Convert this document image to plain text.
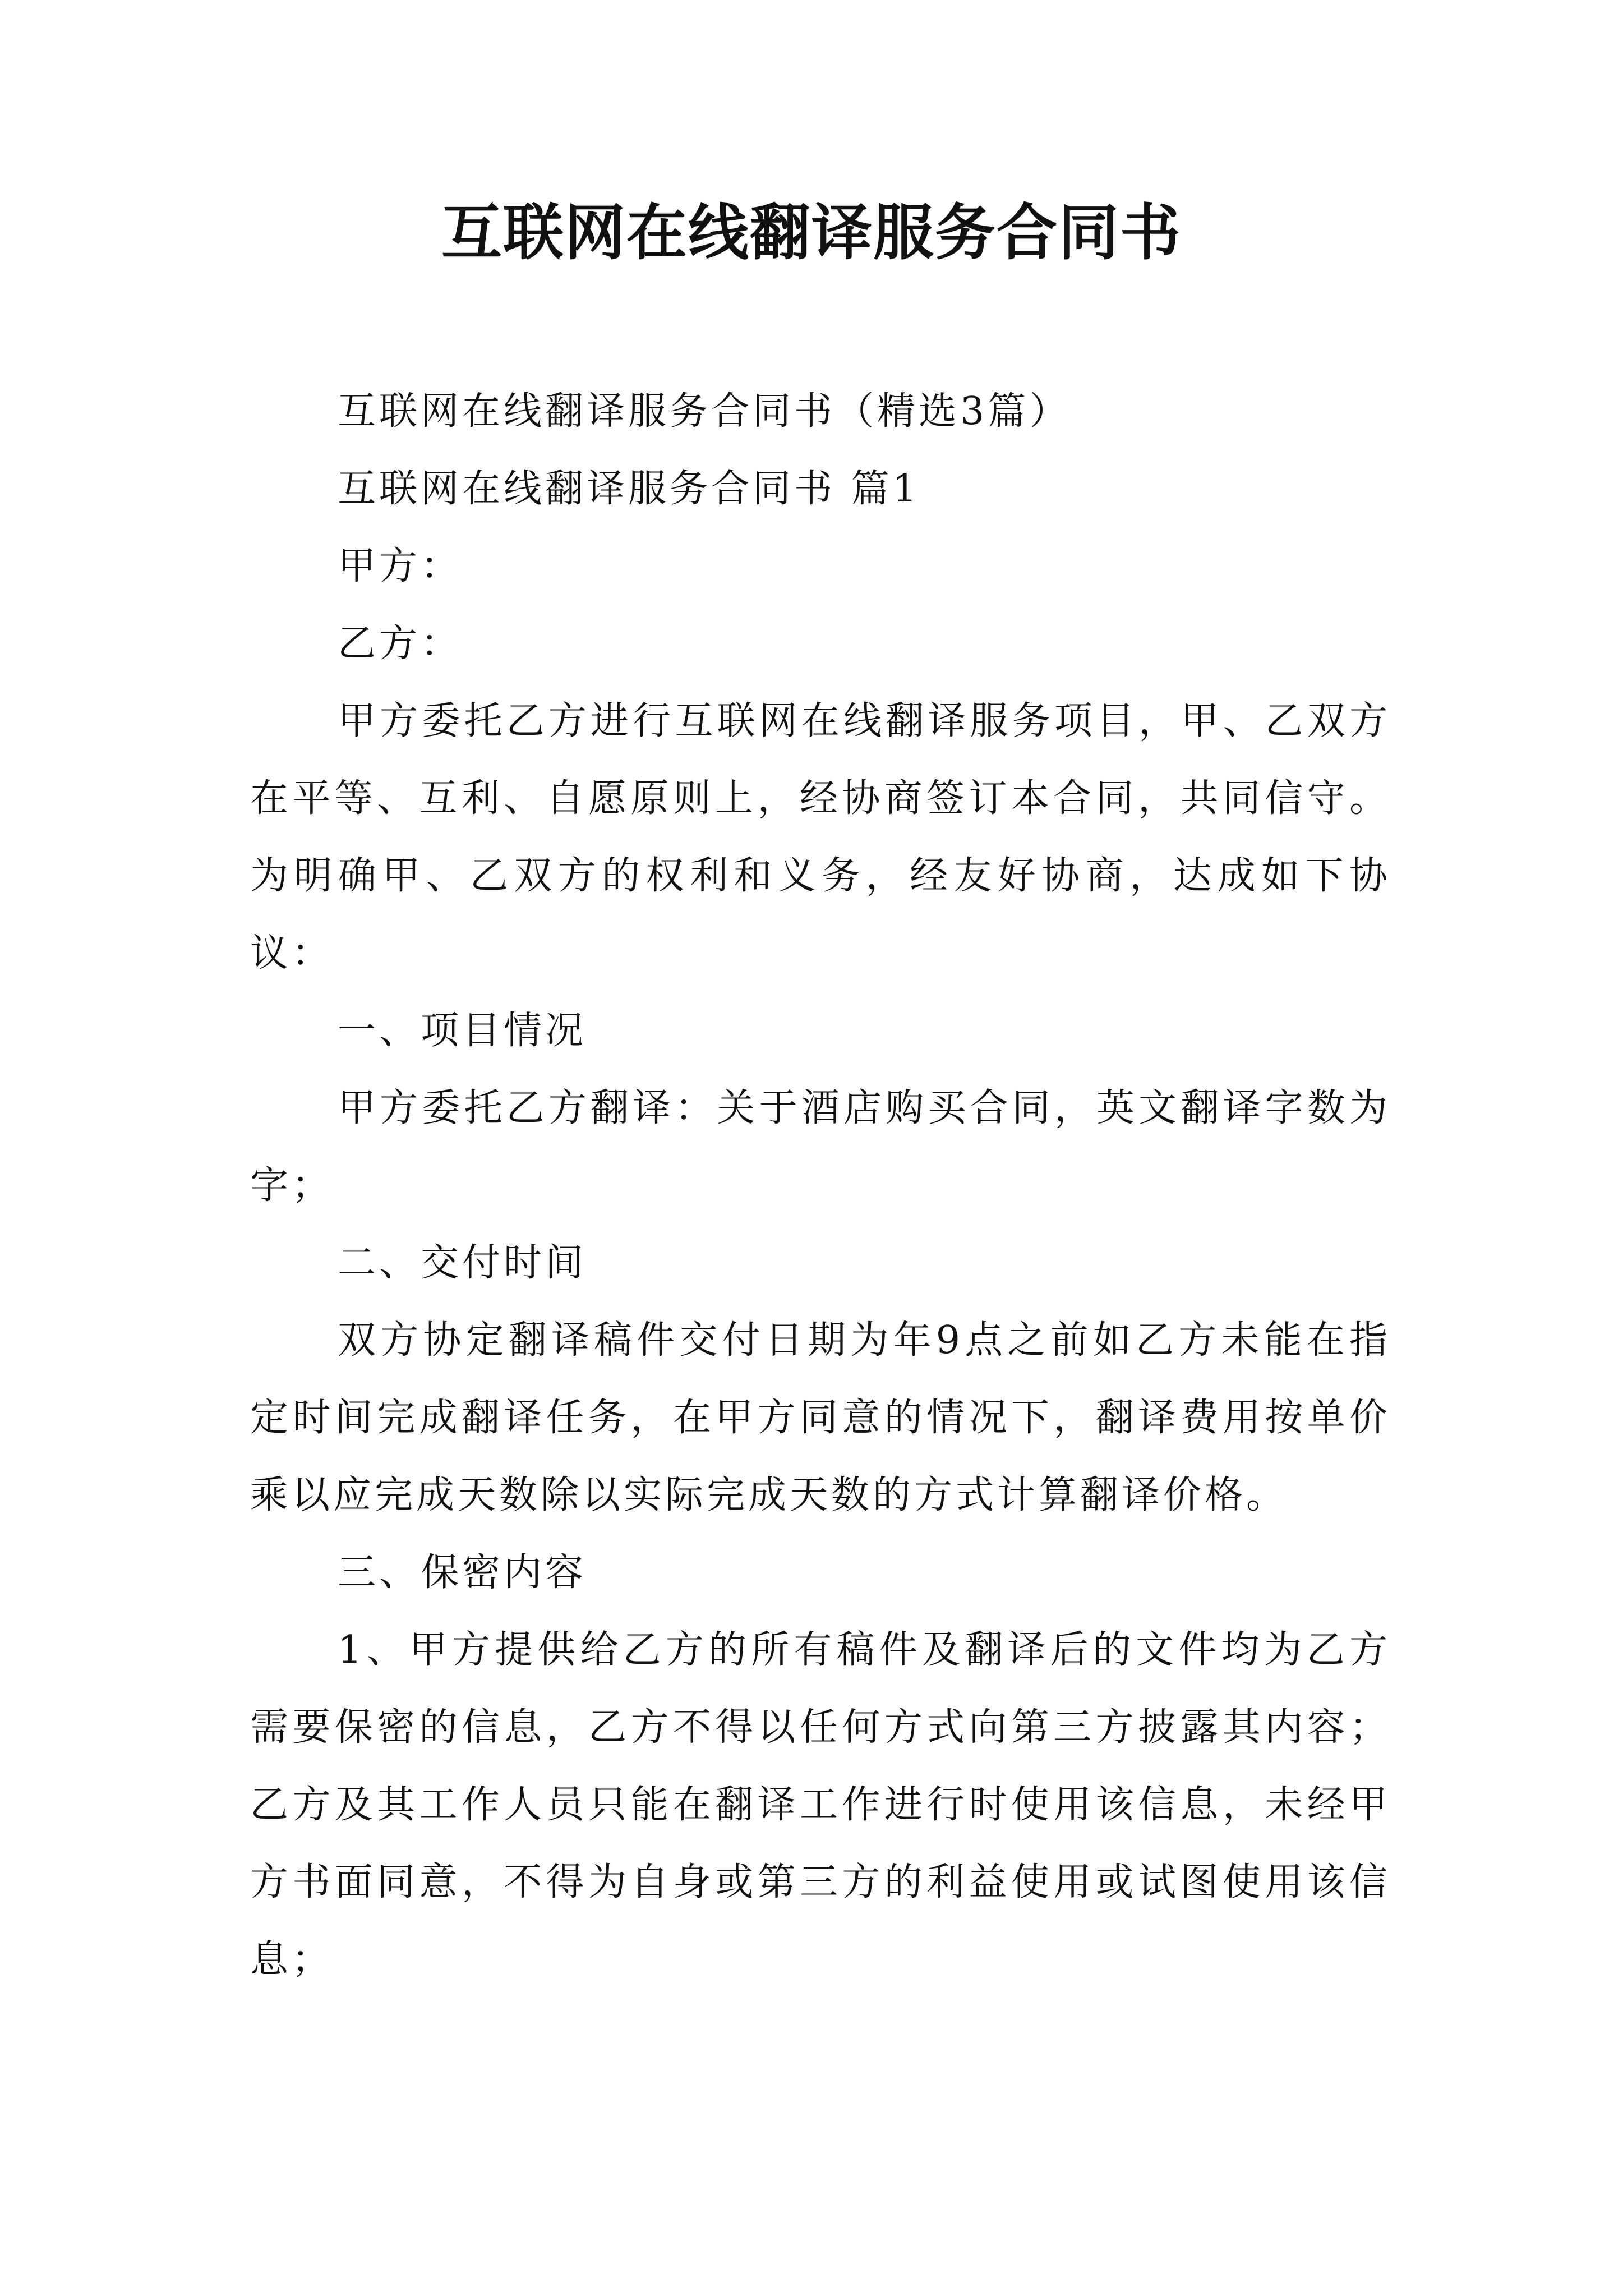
互联网在线翻译服务合同书

互联网在线翻译服务合同书（精选3篇）

互联网在线翻译服务合同书 篇1

甲方：

乙方：

甲方委托乙方进行互联网在线翻译服务项目，甲、乙双方在平等、互利、自愿原则上，经协商签订本合同，共同信守。为明确甲、乙双方的权利和义务，经友好协商，达成如下协议：

一、项目情况

甲方委托乙方翻译：关于酒店购买合同，英文翻译字数为字；

二、交付时间

双方协定翻译稿件交付日期为年9点之前如乙方未能在指定时间完成翻译任务，在甲方同意的情况下，翻译费用按单价乘以应完成天数除以实际完成天数的方式计算翻译价格。

三、保密内容

1、甲方提供给乙方的所有稿件及翻译后的文件均为乙方需要保密的信息，乙方不得以任何方式向第三方披露其内容；乙方及其工作人员只能在翻译工作进行时使用该信息，未经甲方书面同意，不得为自身或第三方的利益使用或试图使用该信息；
